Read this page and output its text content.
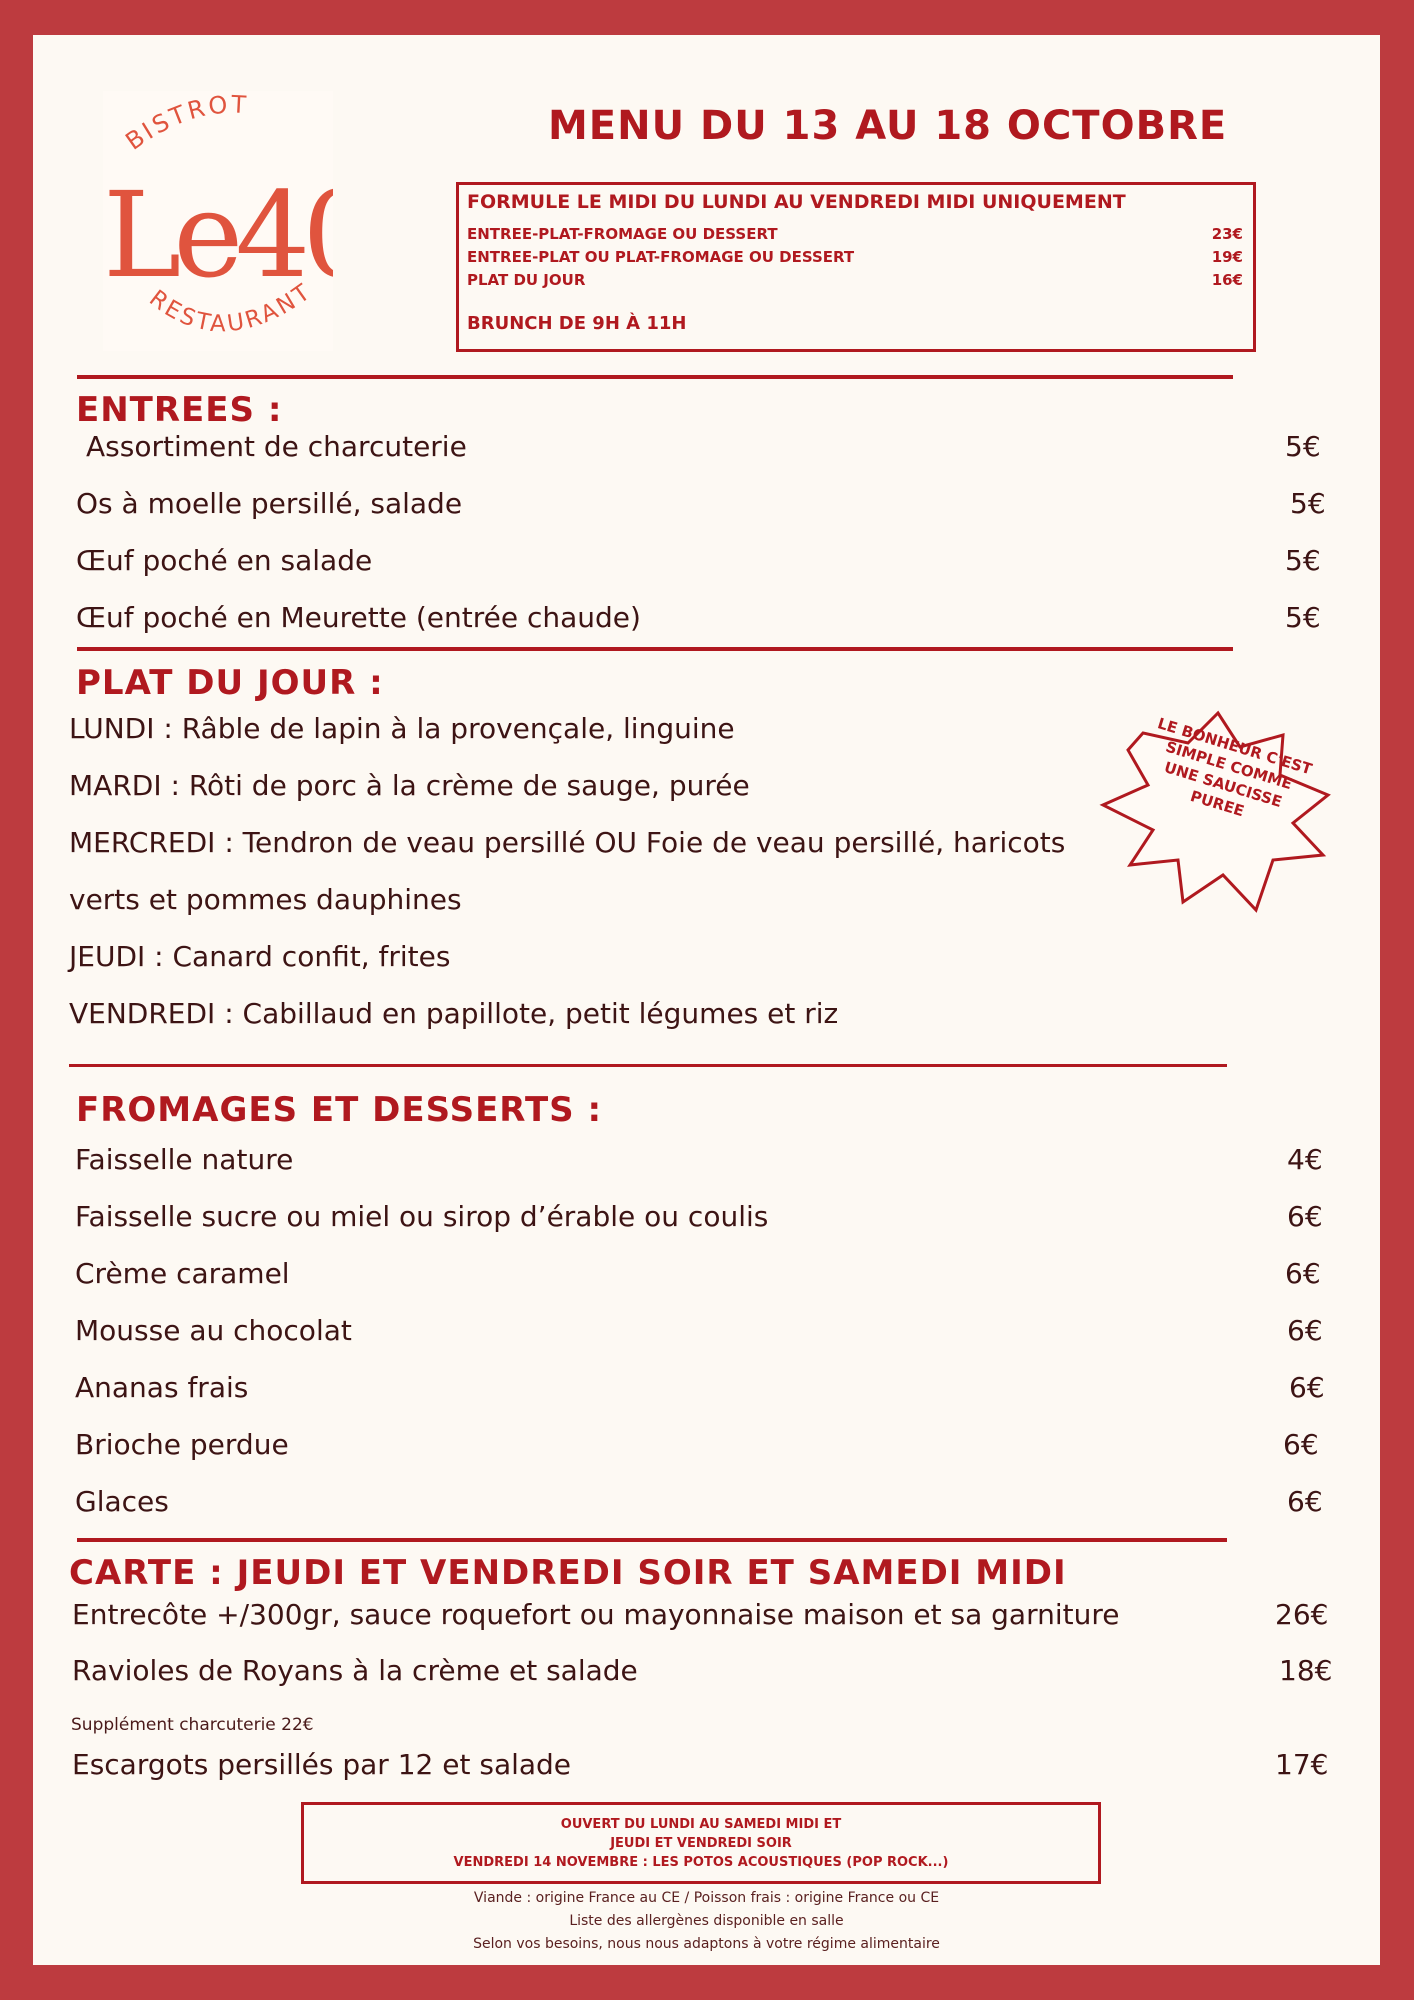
BISTROT
Le4
RESTAURANT
MENU DU 13 AU 18 OCTOBRE
FORMULE LE MIDI DU LUNDI AU VENDREDI MIDI UNIQUEMENT
ENTREE-PLAT-FROMAGE OU DESSERT	23€
ENTREE-PLAT OU PLAT-FROMAGE OU DESSERT	19€
PLAT DU JOUR	16€
BRUNCH DE 9H À 11H
ENTREES :
Assortiment de charcuterie	5€
Os à moelle persillé, salade	5€
Œuf poché en salade	5€
Œuf poché en Meurette (entrée chaude)	5€
PLAT DU JOUR :
LUNDI : Râble de lapin à la provençale, linguine
MARDI : Rôti de porc à la crème de sauge, purée
MERCREDI : Tendron de veau persillé OU Foie de veau persillé, haricots
verts et pommes dauphines
JEUDI : Canard confit, frites
VENDREDI : Cabillaud en papillote, petit légumes et riz
LE BONHEUR C'EST SIMPLE COMME UNE SAUCISSE PUREE
FROMAGES ET DESSERTS :
Faisselle nature	4€
Faisselle sucre ou miel ou sirop d’érable ou coulis	6€
Crème caramel	6€
Mousse au chocolat	6€
Ananas frais	6€
Brioche perdue	6€
Glaces	6€
CARTE : JEUDI ET VENDREDI SOIR ET SAMEDI MIDI
Entrecôte +/300gr, sauce roquefort ou mayonnaise maison et sa garniture	26€
Ravioles de Royans à la crème et salade	18€
Supplément charcuterie 22€
Escargots persillés par 12 et salade	17€
OUVERT DU LUNDI AU SAMEDI MIDI ET
JEUDI ET VENDREDI SOIR
VENDREDI 14 NOVEMBRE : LES POTOS ACOUSTIQUES (POP ROCK...)
Viande : origine France au CE / Poisson frais : origine France ou CE
Liste des allergènes disponible en salle
Selon vos besoins, nous nous adaptons à votre régime alimentaire
